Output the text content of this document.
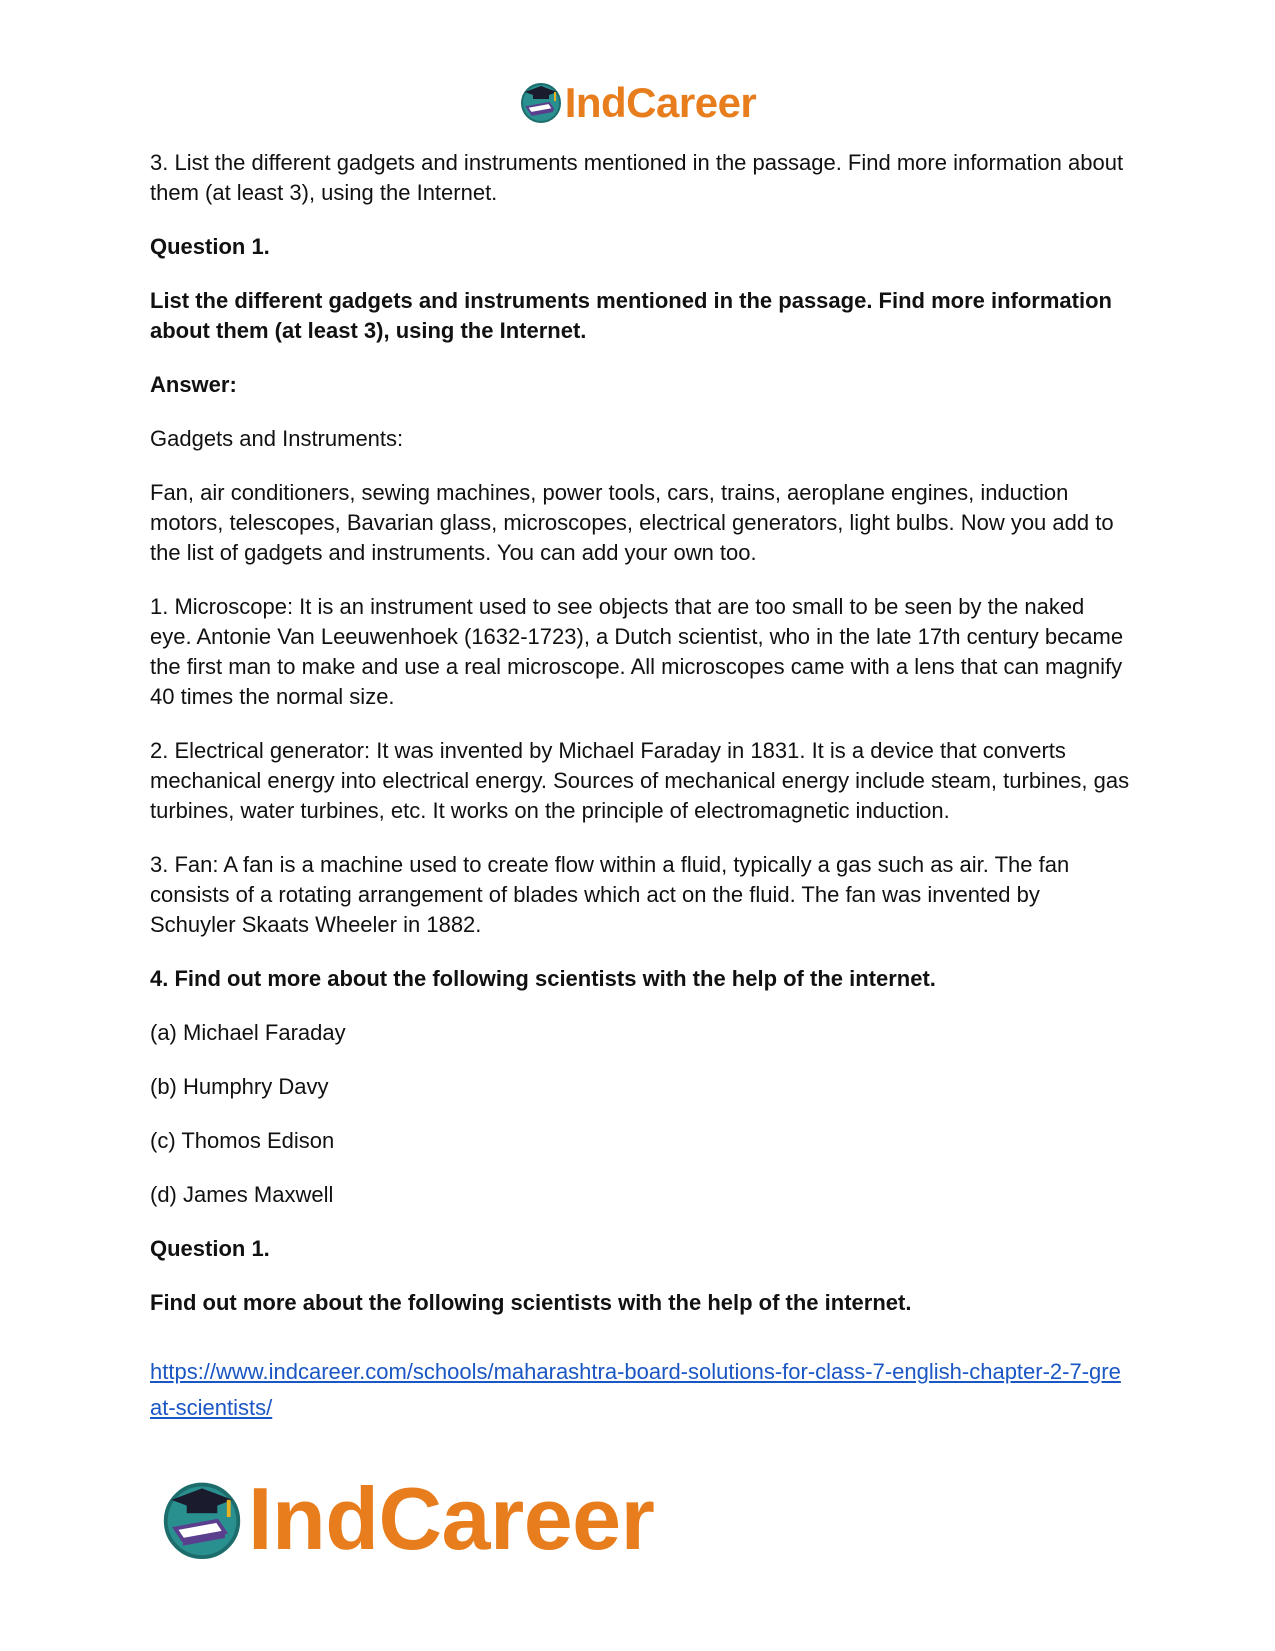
IndCareer

3. List the different gadgets and instruments mentioned in the passage. Find more information about them (at least 3), using the Internet.

Question 1.

List the different gadgets and instruments mentioned in the passage. Find more information about them (at least 3), using the Internet.

Answer:

Gadgets and Instruments:

Fan, air conditioners, sewing machines, power tools, cars, trains, aeroplane engines, induction motors, telescopes, Bavarian glass, microscopes, electrical generators, light bulbs. Now you add to the list of gadgets and instruments. You can add your own too.

1. Microscope: It is an instrument used to see objects that are too small to be seen by the naked eye. Antonie Van Leeuwenhoek (1632-1723), a Dutch scientist, who in the late 17th century became the first man to make and use a real microscope. All microscopes came with a lens that can magnify 40 times the normal size.

2. Electrical generator: It was invented by Michael Faraday in 1831. It is a device that converts mechanical energy into electrical energy. Sources of mechanical energy include steam, turbines, gas turbines, water turbines, etc. It works on the principle of electromagnetic induction.

3. Fan: A fan is a machine used to create flow within a fluid, typically a gas such as air. The fan consists of a rotating arrangement of blades which act on the fluid. The fan was invented by Schuyler Skaats Wheeler in 1882.

4. Find out more about the following scientists with the help of the internet.

(a) Michael Faraday

(b) Humphry Davy

(c) Thomos Edison

(d) James Maxwell

Question 1.

Find out more about the following scientists with the help of the internet.

https://www.indcareer.com/schools/maharashtra-board-solutions-for-class-7-english-chapter-2-7-great-scientists/
IndCareer
